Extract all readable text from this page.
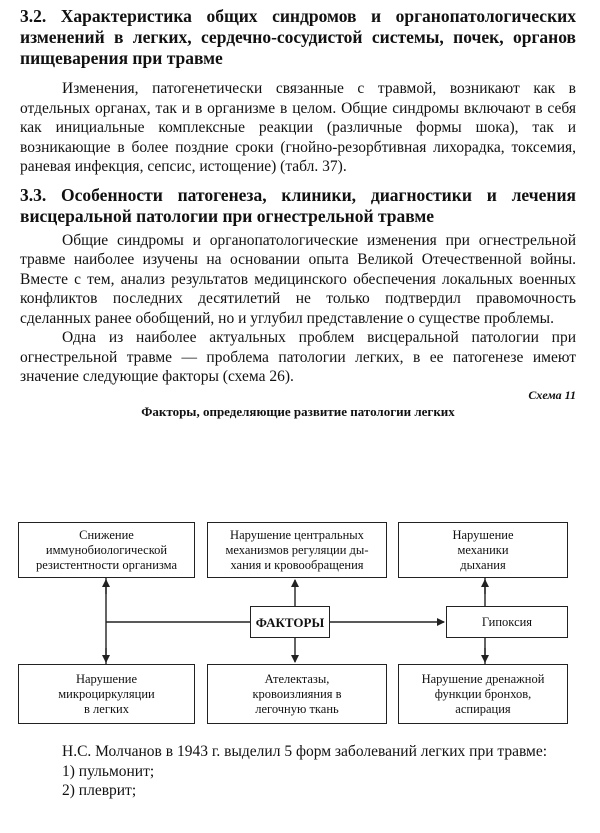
3.2. Характеристика общих синдромов и органопатологических изменений в легких, сердечно-сосудистой системы, почек, органов пищеварения при травме

Изменения, патогенетически связанные с травмой, возникают как в отдельных органах, так и в организме в целом. Общие синдромы включают в себя как инициальные комплексные реакции (различные формы шока), так и возникающие в более поздние сроки (гнойно-резорбтивная лихорадка, токсемия, раневая инфекция, сепсис, истощение) (табл. 37).

3.3. Особенности патогенеза, клиники, диагностики и лечения висцеральной патологии при огнестрельной травме

Общие синдромы и органопатологические изменения при огнестрельной травме наиболее изучены на основании опыта Великой Отечественной войны. Вместе с тем, анализ результатов медицинского обеспечения локальных военных конфликтов последних десятилетий не только подтвердил правомочность сделанных ранее обобщений, но и углубил представление о существе проблемы.

Одна из наиболее актуальных проблем висцеральной патологии при огнестрельной травме — проблема патологии легких, в ее патогенезе имеют значение следующие факторы (схема 26).

Схема 11
Факторы, определяющие развитие патологии легких
Снижение
иммунобиологической
резистентности организма
Нарушение центральных
механизмов регуляции ды-
хания и кровообращения
Нарушение
механики
дыхания
ФАКТОРЫ	Гипоксия
Нарушение
микроциркуляции
в легких
Ателектазы,
кровоизлияния в
легочную ткань
Нарушение дренажной
функции бронхов,
аспирация

Н.С. Молчанов в 1943 г. выделил 5 форм заболеваний легких при травме:

1) пульмонит;

2) плеврит;
